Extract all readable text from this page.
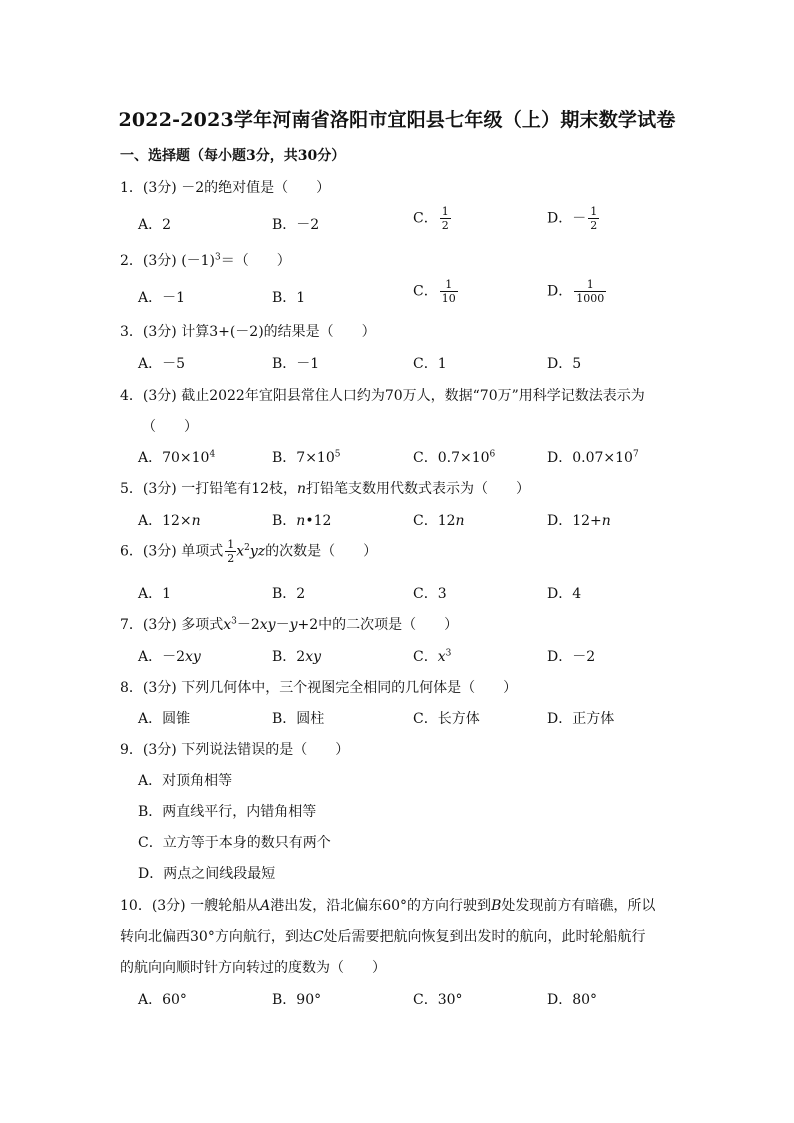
2022-2023学年河南省洛阳市宜阳县七年级（上）期末数学试卷
一、选择题（每小题3分，共30分）
1．(3分) －2的绝对值是（　　）
A．2	B．－2	C． $\frac{1}{2}$	D．－ $\frac{1}{2}$
2．(3分) $(-1)^3=$（　　）
A．－1	B．1	C． $\frac{1}{10}$	D． $\frac{1}{1000}$
3．(3分) 计算3+(－2)的结果是（　　）
A．－5	B．－1	C．1	D．5
4．(3分) 截止2022年宜阳县常住人口约为70万人，数据“70万”用科学记数法表示为
（　　）
A．$70\times 10^4$	B．$7\times 10^5$	C．$0.7\times 10^6$	D．$0.07\times 10^7$
5．(3分) 一打铅笔有12枝，n打铅笔支数用代数式表示为（　　）
A．12×n	B．n•12	C．12n	D．12+n
6．(3分) 单项式 $\frac{1}{2} x^2yz$的次数是（　　）
A．1	B．2	C．3	D．4
7．(3分) 多项式$x^3-2xy-y+2$中的二次项是（　　）
A．－2xy	B．2xy	C．$x^3$	D．－2
8．(3分) 下列几何体中，三个视图完全相同的几何体是（　　）
A．圆锥	B．圆柱	C．长方体	D．正方体
9．(3分) 下列说法错误的是（　　）
A．对顶角相等
B．两直线平行，内错角相等
C．立方等于本身的数只有两个
D．两点之间线段最短
10．(3分) 一艘轮船从A港出发，沿北偏东60°的方向行驶到B处发现前方有暗礁，所以
转向北偏西30°方向航行，到达C处后需要把航向恢复到出发时的航向，此时轮船航行
的航向向顺时针方向转过的度数为（　　）
A．60°	B．90°	C．30°	D．80°
